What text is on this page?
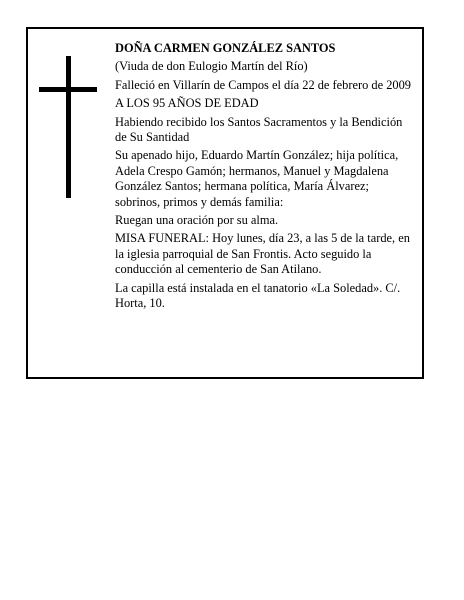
DOÑA CARMEN GONZÁLEZ SANTOS

(Viuda de don Eulogio Martín del Río)

Falleció en Villarín de Campos el día 22 de febrero de 2009

A LOS 95 AÑOS DE EDAD

Habiendo recibido los Santos Sacramentos y la Bendición de Su Santidad

Su apenado hijo, Eduardo Martín González; hija política, Adela Crespo Gamón; hermanos, Manuel y Magdalena González Santos; hermana política, María Álvarez; sobrinos, primos y demás familia:

Ruegan una oración por su alma.

MISA FUNERAL: Hoy lunes, día 23, a las 5 de la tarde, en la iglesia parroquial de San Frontis. Acto seguido la conducción al cementerio de San Atilano.

La capilla está instalada en el tanatorio «La Soledad». C/. Horta, 10.
